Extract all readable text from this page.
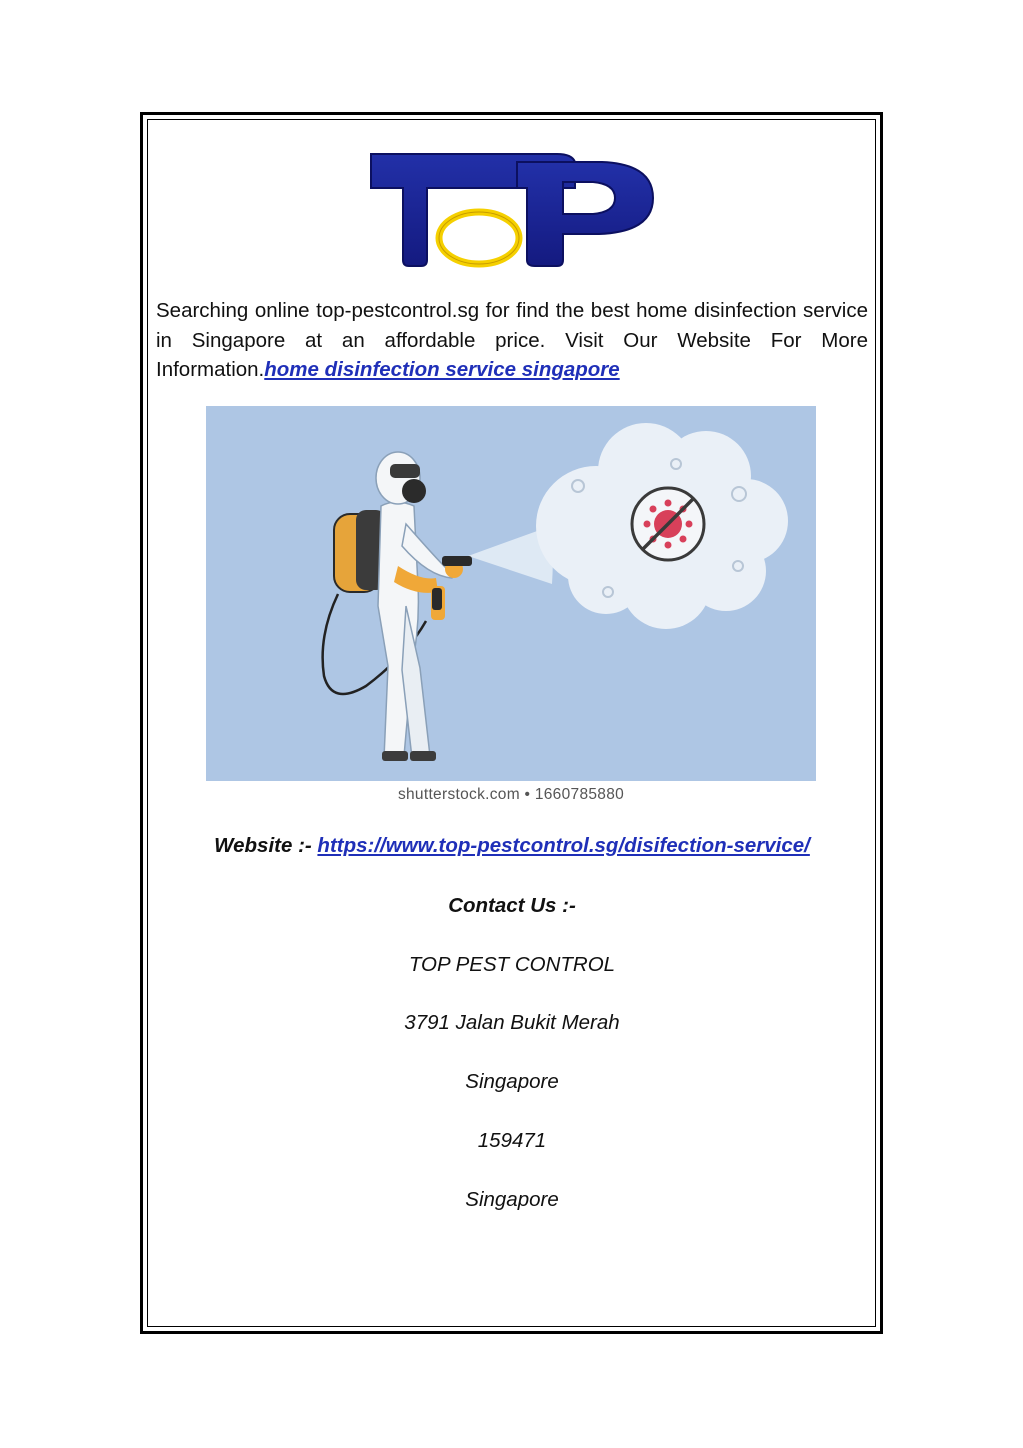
Searching online top-pestcontrol.sg for find the best home disinfection service in Singapore at an affordable price. Visit Our Website For More Information.home disinfection service singapore
shutterstock.com • 1660785880
Website :- https://www.top-pestcontrol.sg/disifection-service/
Contact Us :-
TOP PEST CONTROL
3791 Jalan Bukit Merah
Singapore
159471
Singapore
